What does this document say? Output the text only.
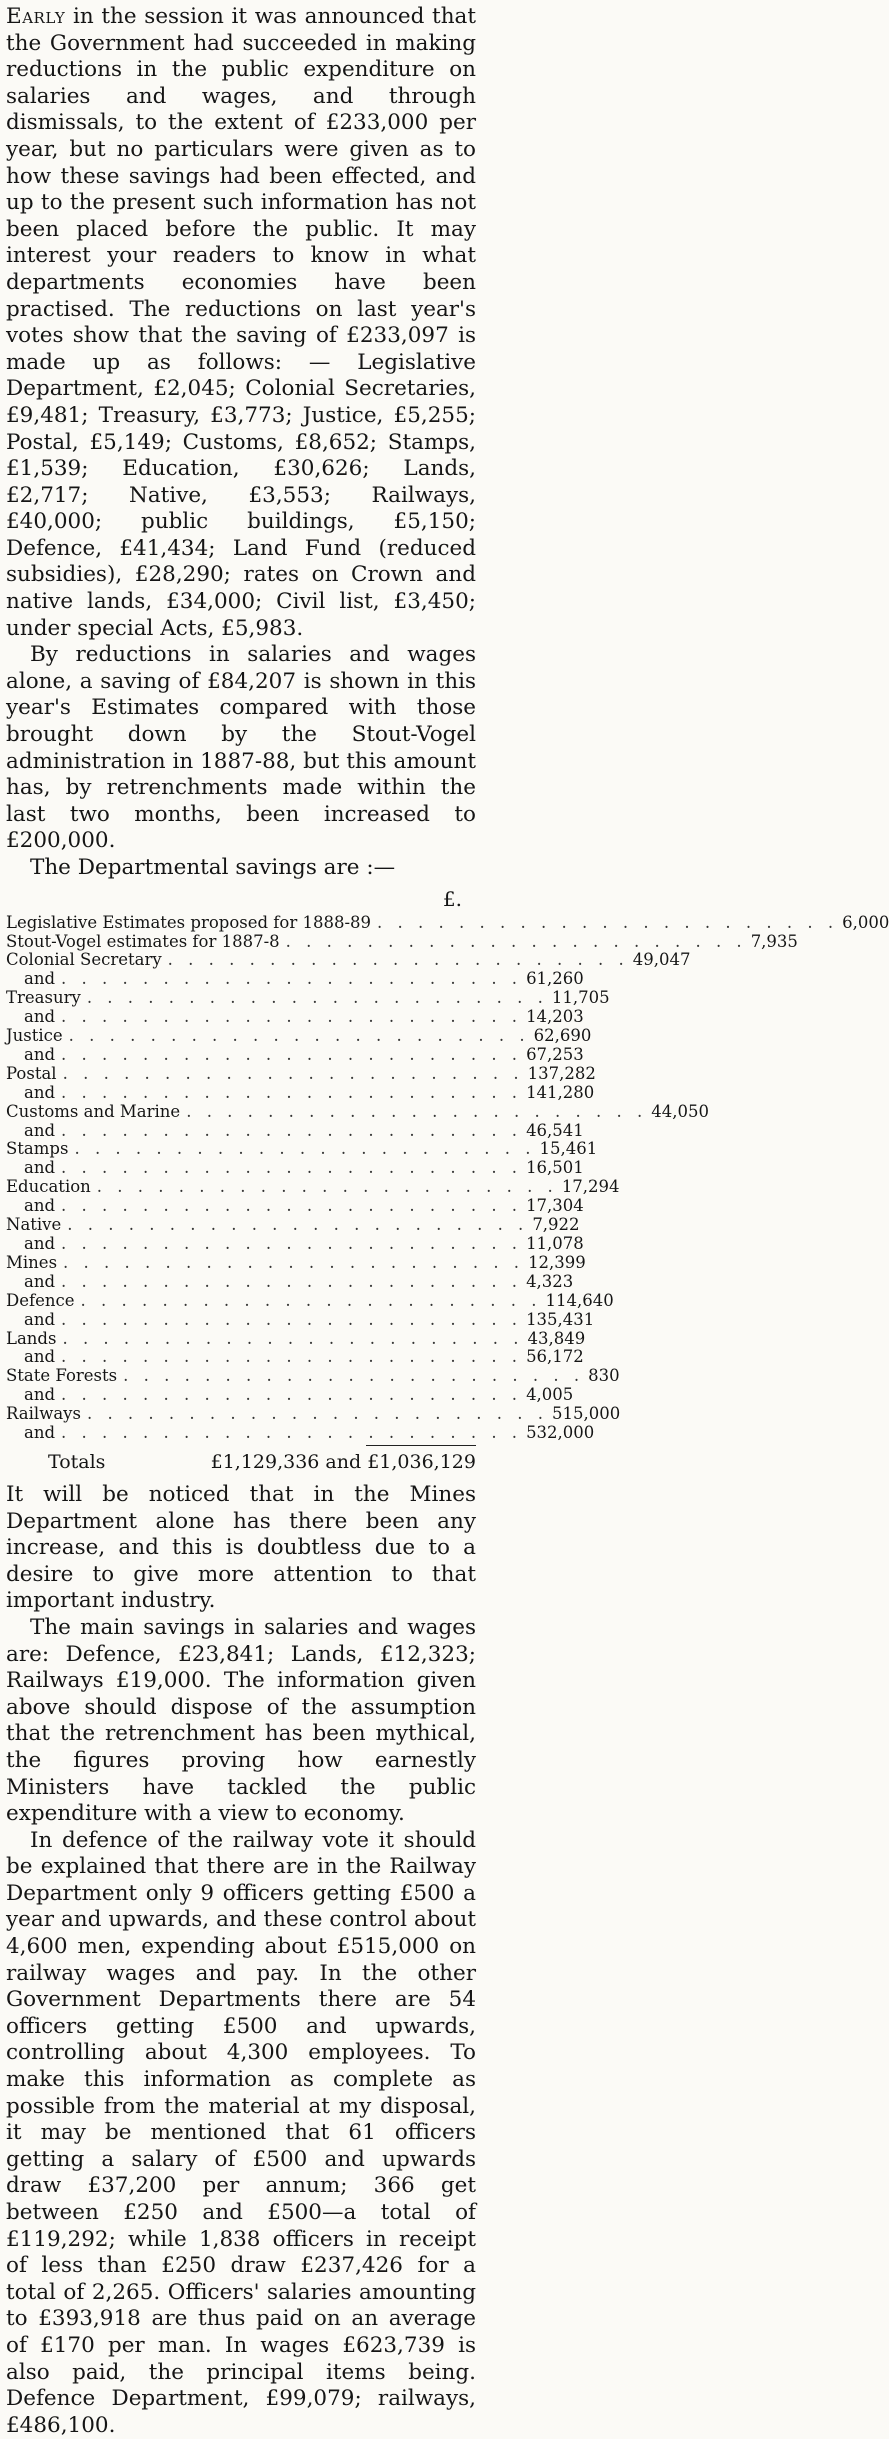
Early in the session it was announced that the Government had succeeded in making reductions in the public expenditure on salaries and wages, and through dismissals, to the extent of £233,000 per year, but no particulars were given as to how these savings had been effected, and up to the present such information has not been placed before the public. It may interest your readers to know in what departments economies have been practised. The reductions on last year's votes show that the saving of £233,097 is made up as follows: — Legislative Department, £2,045; Colonial Secretaries, £9,481; Treasury, £3,773; Justice, £5,255; Postal, £5,149; Customs, £8,652; Stamps, £1,539; Education, £30,626; Lands, £2,717; Native, £3,553; Railways, £40,000; public buildings, £5,150; Defence, £41,434; Land Fund (reduced subsidies), £28,290; rates on Crown and native lands, £34,000; Civil list, £3,450; under special Acts, £5,983.

By reductions in salaries and wages alone, a saving of £84,207 is shown in this year's Estimates compared with those brought down by the Stout-Vogel administration in 1887-88, but this amount has, by retrenchments made within the last two months, been increased to £200,000.

The Departmental savings are :—

£.
Legislative Estimates proposed for 1888-89 . . . . . . . . . . . . . . . . . . . . . . . 6,000
Stout-Vogel estimates for 1887-8 . . . . . . . . . . . . . . . . . . . . . . . 7,935
Colonial Secretary . . . . . . . . . . . . . . . . . . . . . . . 49,047
and . . . . . . . . . . . . . . . . . . . . . . . 61,260
Treasury . . . . . . . . . . . . . . . . . . . . . . . 11,705
and . . . . . . . . . . . . . . . . . . . . . . . 14,203
Justice . . . . . . . . . . . . . . . . . . . . . . . 62,690
and . . . . . . . . . . . . . . . . . . . . . . . 67,253
Postal . . . . . . . . . . . . . . . . . . . . . . . 137,282
and . . . . . . . . . . . . . . . . . . . . . . . 141,280
Customs and Marine . . . . . . . . . . . . . . . . . . . . . . . 44,050
and . . . . . . . . . . . . . . . . . . . . . . . 46,541
Stamps . . . . . . . . . . . . . . . . . . . . . . . 15,461
and . . . . . . . . . . . . . . . . . . . . . . . 16,501
Education . . . . . . . . . . . . . . . . . . . . . . . 17,294
and . . . . . . . . . . . . . . . . . . . . . . . 17,304
Native . . . . . . . . . . . . . . . . . . . . . . . 7,922
and . . . . . . . . . . . . . . . . . . . . . . . 11,078
Mines . . . . . . . . . . . . . . . . . . . . . . . 12,399
and . . . . . . . . . . . . . . . . . . . . . . . 4,323
Defence . . . . . . . . . . . . . . . . . . . . . . . 114,640
and . . . . . . . . . . . . . . . . . . . . . . . 135,431
Lands . . . . . . . . . . . . . . . . . . . . . . . 43,849
and . . . . . . . . . . . . . . . . . . . . . . . 56,172
State Forests . . . . . . . . . . . . . . . . . . . . . . . 830
and . . . . . . . . . . . . . . . . . . . . . . . 4,005
Railways . . . . . . . . . . . . . . . . . . . . . . . 515,000
and . . . . . . . . . . . . . . . . . . . . . . . 532,000
Totals	£1,129,336 and £1,036,129

It will be noticed that in the Mines Department alone has there been any increase, and this is doubtless due to a desire to give more attention to that important industry.

The main savings in salaries and wages are: Defence, £23,841; Lands, £12,323; Railways £19,000. The information given above should dispose of the assumption that the retrenchment has been mythical, the figures proving how earnestly Ministers have tackled the public expenditure with a view to economy.

In defence of the railway vote it should be explained that there are in the Railway Department only 9 officers getting £500 a year and upwards, and these control about 4,600 men, expending about £515,000 on railway wages and pay. In the other Government Departments there are 54 officers getting £500 and upwards, controlling about 4,300 employees. To make this information as complete as possible from the material at my disposal, it may be mentioned that 61 officers getting a salary of £500 and upwards draw £37,200 per annum; 366 get between £250 and £500—a total of £119,292; while 1,838 officers in receipt of less than £250 draw £237,426 for a total of 2,265. Officers' salaries amounting to £393,918 are thus paid on an average of £170 per man. In wages £623,739 is also paid, the principal items being. Defence Department, £99,079; railways, £486,100.
